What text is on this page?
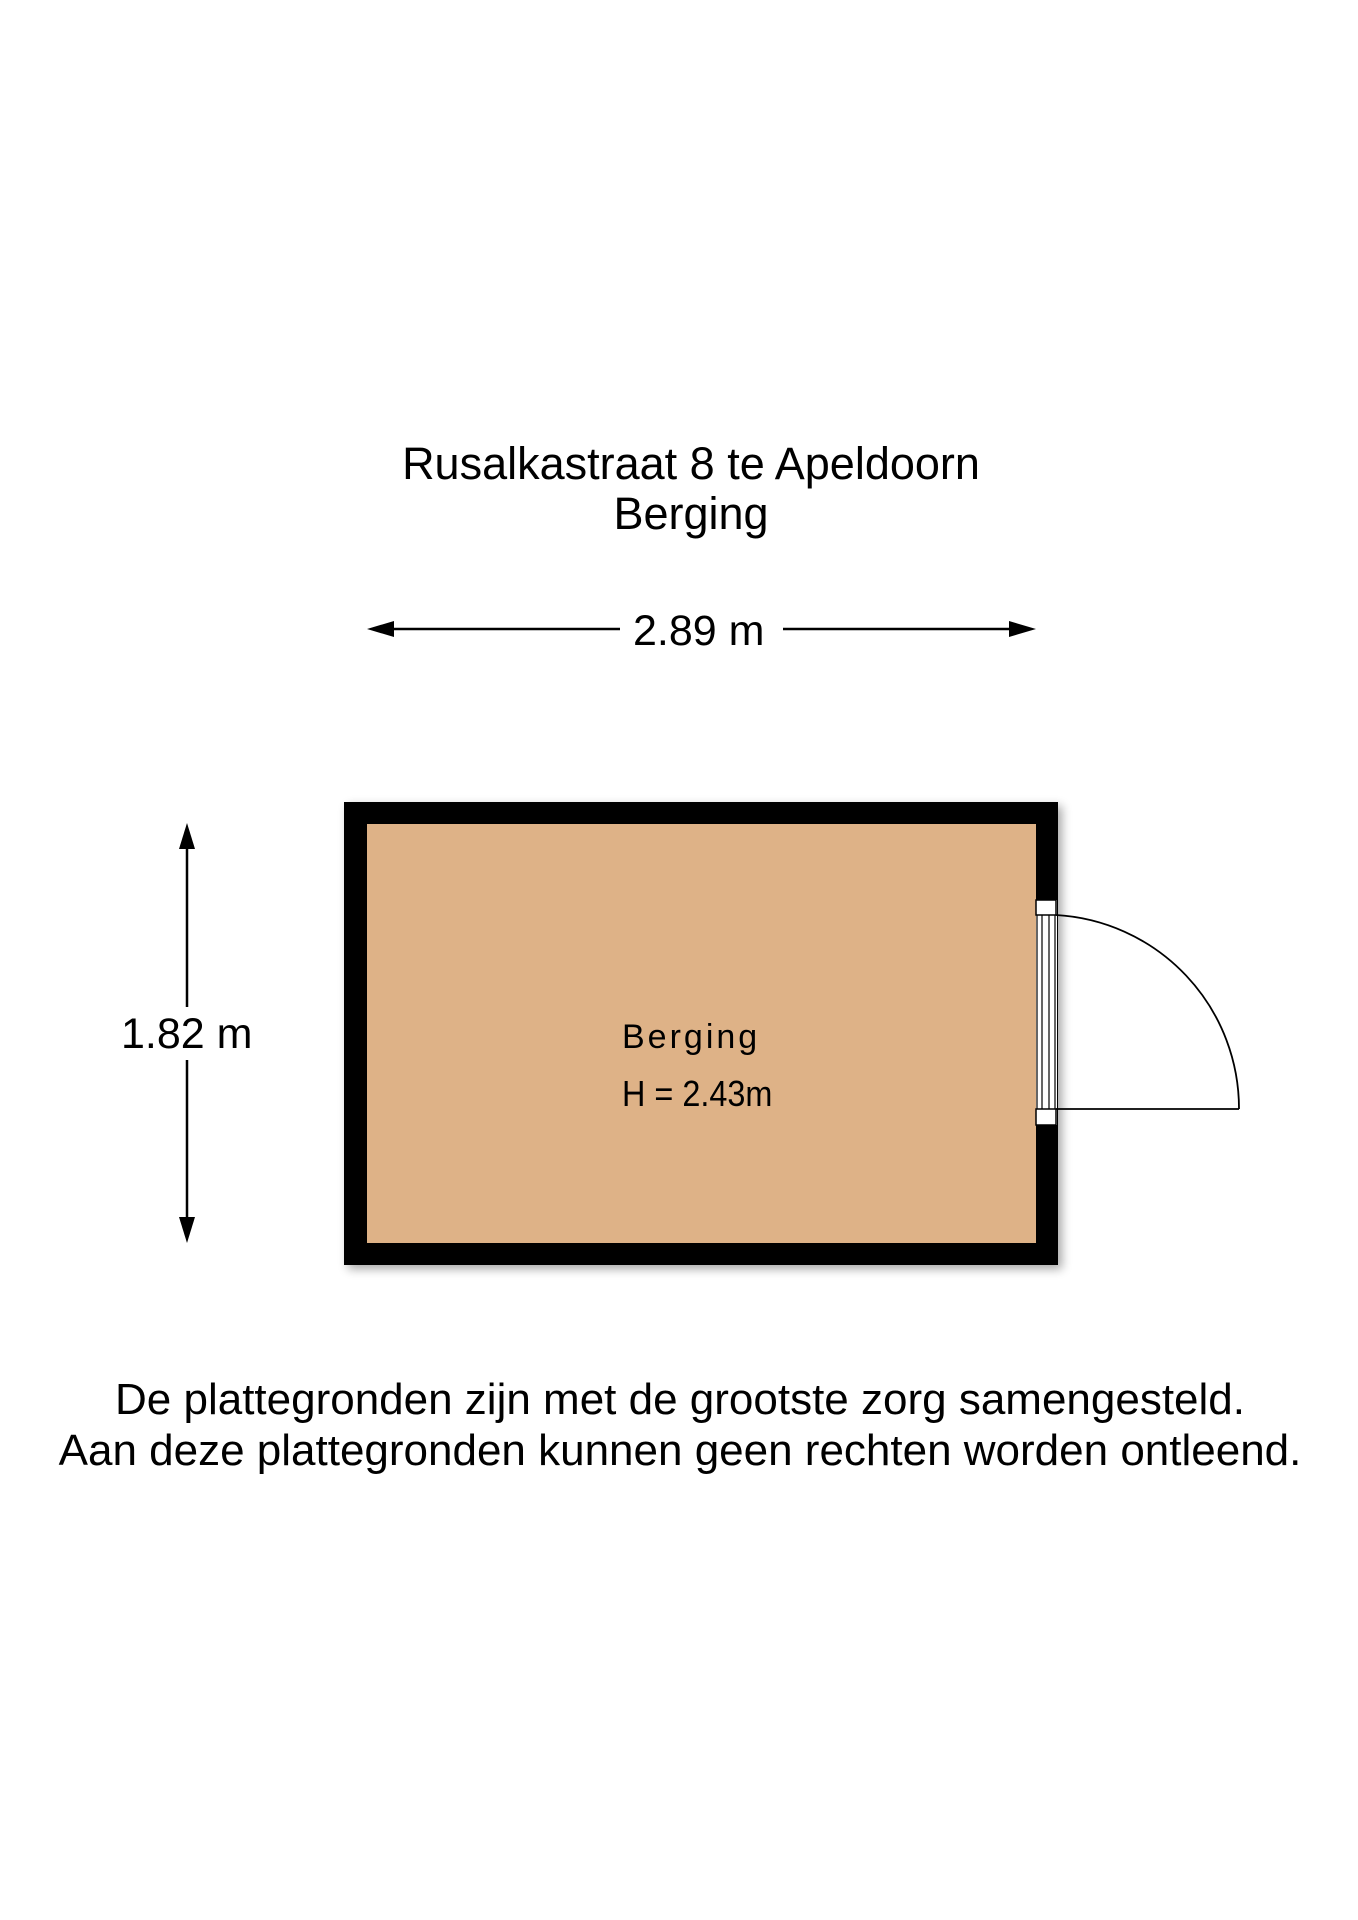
Rusalkastraat 8 te Apeldoorn
Berging
2.89 m
1.82 m	Berging
H = 2.43m
De plattegronden zijn met de grootste zorg samengesteld.
Aan deze plattegronden kunnen geen rechten worden ontleend.
